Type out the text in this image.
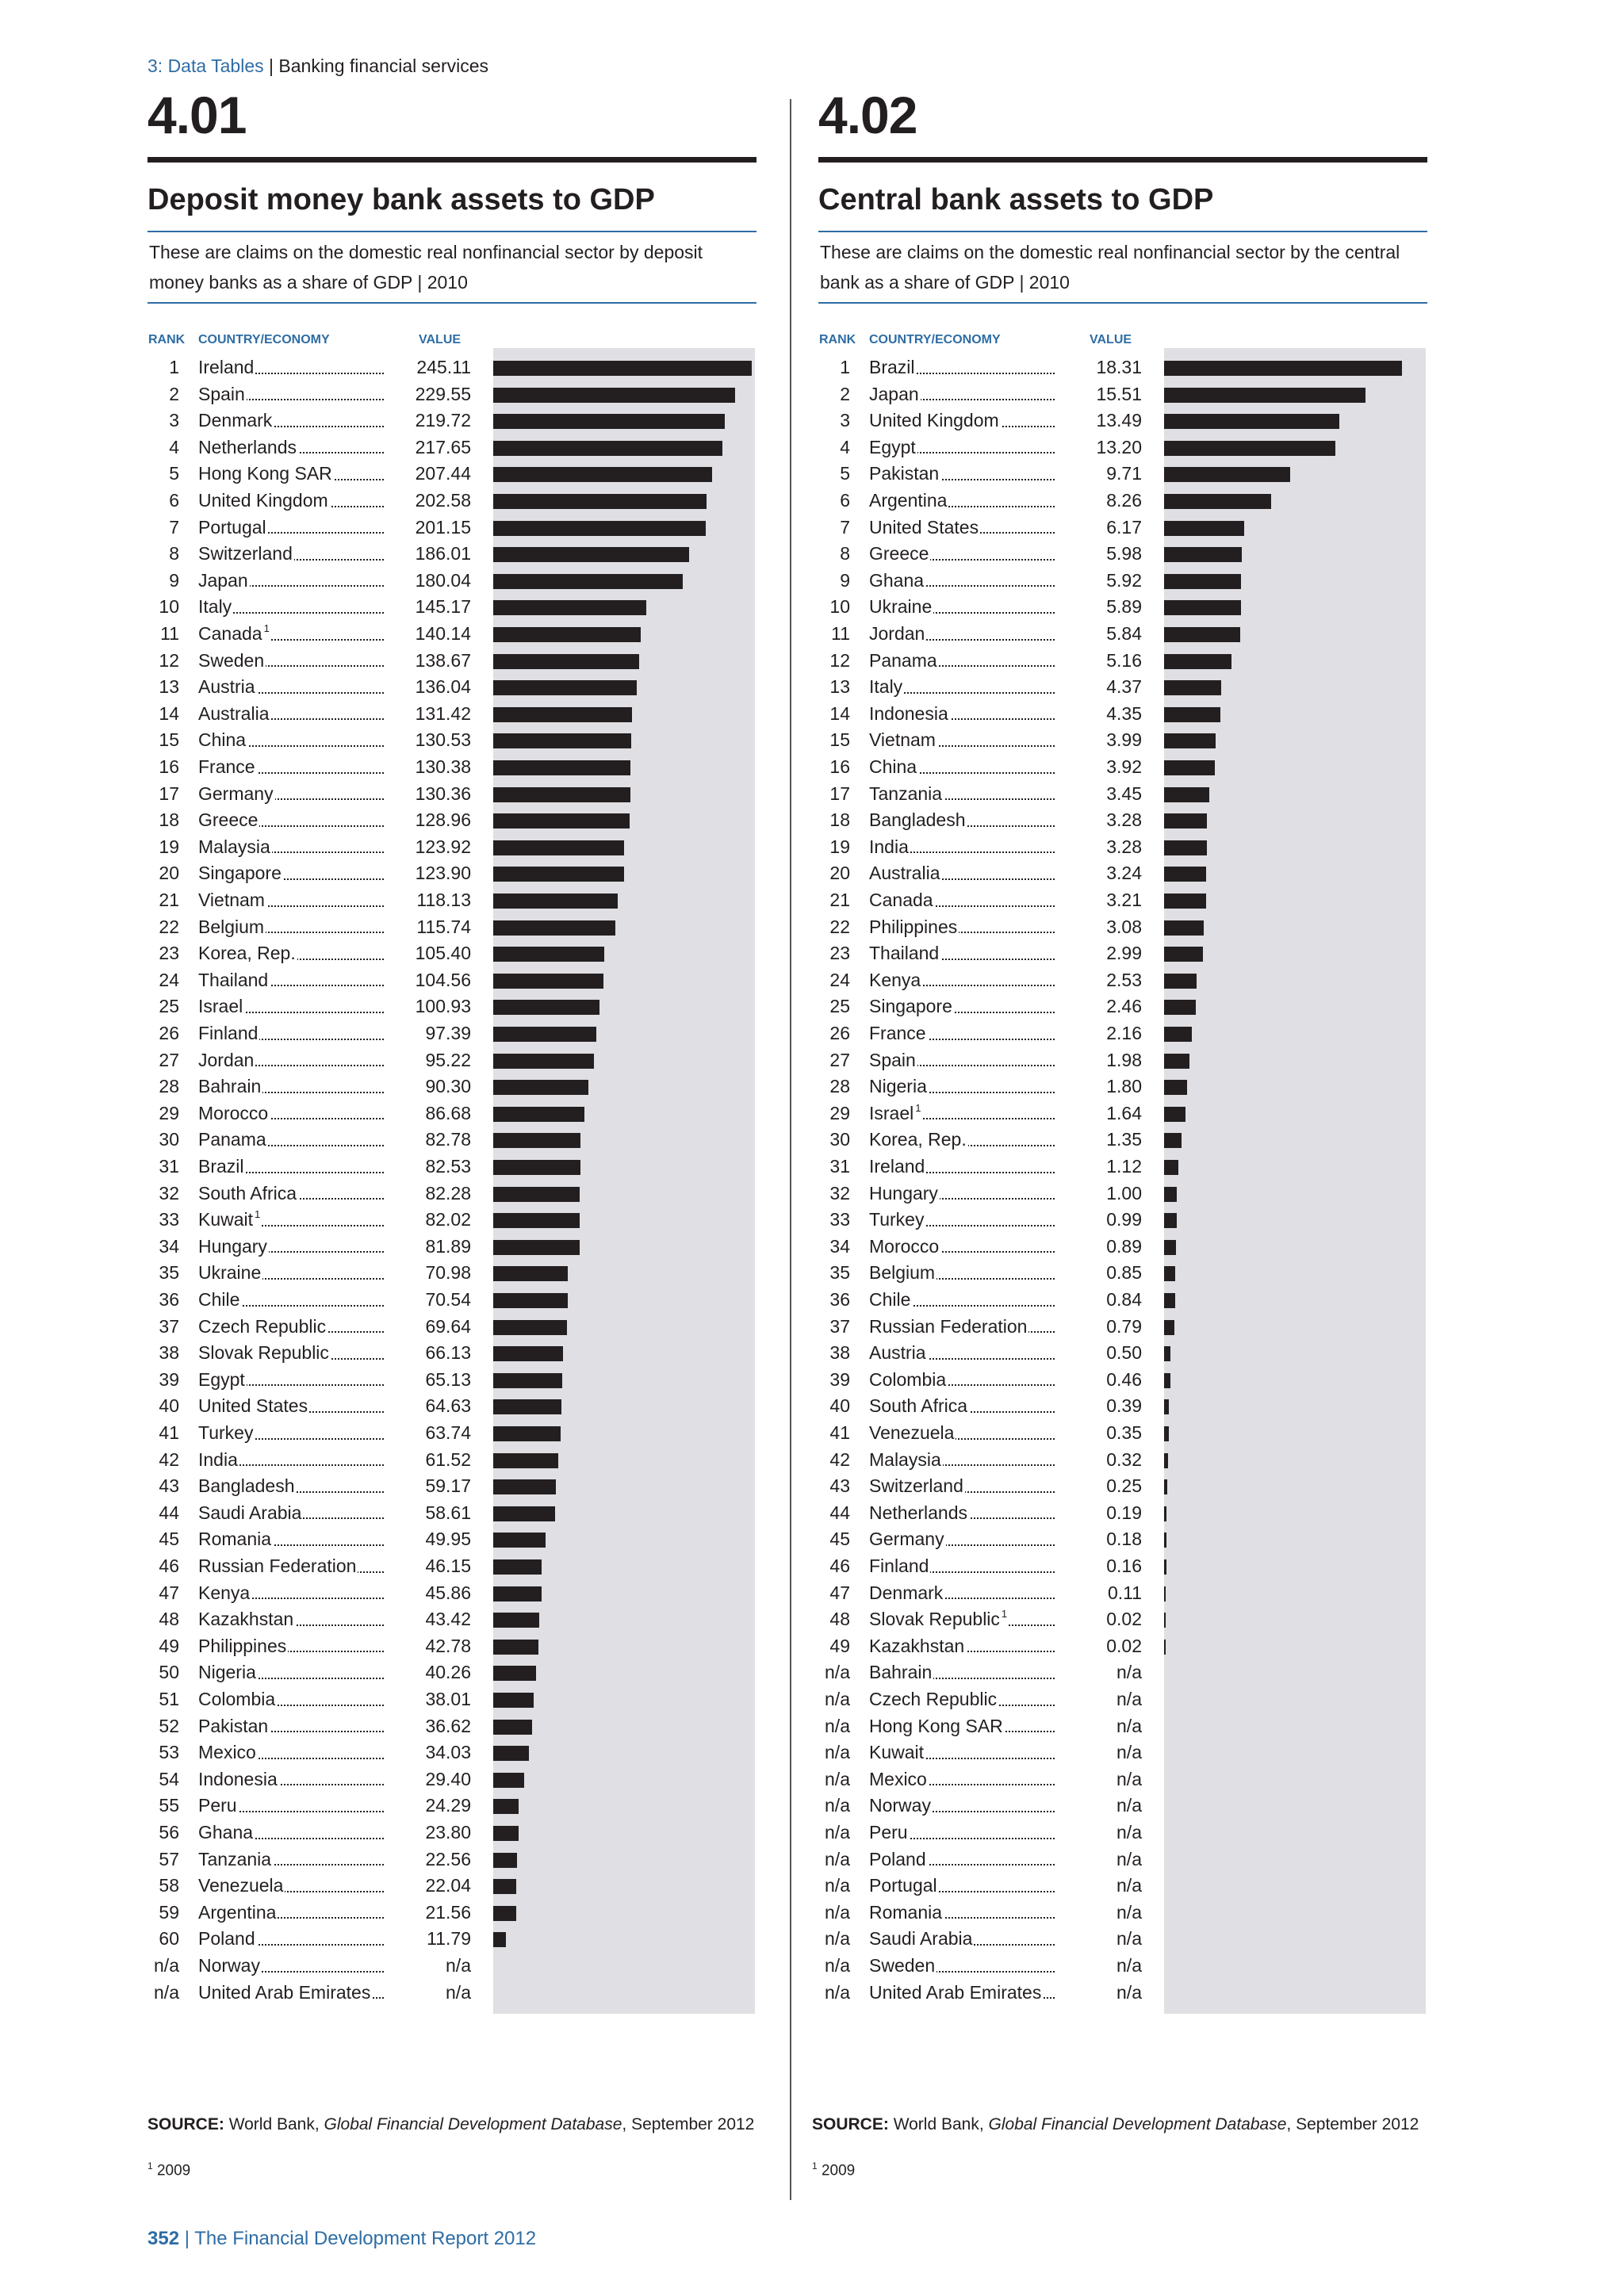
3: Data Tables | Banking financial services
4.01
Deposit money bank assets to GDP
These are claims on the domestic real nonfinancial sector by deposit
money banks as a share of GDP | 2010
RANK COUNTRY/ECONOMY	VALUE
1 Ireland	245.11
2 Spain	229.55
3 Denmark	219.72
4 Netherlands	217.65
5 Hong Kong SAR	207.44
6 United Kingdom	202.58
7 Portugal	201.15
8 Switzerland	186.01
9 Japan	180.04
10 Italy	145.17
11 Canada $^1$	140.14
12 Sweden	138.67
13 Austria	136.04
14 Australia	131.42
15 China	130.53
16 France	130.38
17 Germany	130.36
18 Greece	128.96
19 Malaysia	123.92
20 Singapore	123.90
21 Vietnam	118.13
22 Belgium	115.74
23 Korea, Rep.	105.40
24 Thailand	104.56
25 Israel	100.93
26 Finland	97.39
27 Jordan	95.22
28 Bahrain	90.30
29 Morocco	86.68
30 Panama	82.78
31 Brazil	82.53
32 South Africa	82.28
33 Kuwait $^1$	82.02
34 Hungary	81.89
35 Ukraine	70.98
36 Chile	70.54
37 Czech Republic	69.64
38 Slovak Republic	66.13
39 Egypt	65.13
40 United States	64.63
41 Turkey	63.74
42 India	61.52
43 Bangladesh	59.17
44 Saudi Arabia	58.61
45 Romania	49.95
46 Russian Federation	46.15
47 Kenya	45.86
48 Kazakhstan	43.42
49 Philippines	42.78
50 Nigeria	40.26
51 Colombia	38.01
52 Pakistan	36.62
53 Mexico	34.03
54 Indonesia	29.40
55 Peru	24.29
56 Ghana	23.80
57 Tanzania	22.56
58 Venezuela	22.04
59 Argentina	21.56
60 Poland	11.79
n/a Norway	n/a
n/a United Arab Emirates	n/a
SOURCE: World Bank, Global Financial Development Database, September 2012
$^1$ 2009
4.02
Central bank assets to GDP
These are claims on the domestic real nonfinancial sector by the central
bank as a share of GDP | 2010
RANK COUNTRY/ECONOMY	VALUE
1 Brazil	18.31
2 Japan	15.51
3 United Kingdom	13.49
4 Egypt	13.20
5 Pakistan	9.71
6 Argentina	8.26
7 United States	6.17
8 Greece	5.98
9 Ghana	5.92
10 Ukraine	5.89
11 Jordan	5.84
12 Panama	5.16
13 Italy	4.37
14 Indonesia	4.35
15 Vietnam	3.99
16 China	3.92
17 Tanzania	3.45
18 Bangladesh	3.28
19 India	3.28
20 Australia	3.24
21 Canada	3.21
22 Philippines	3.08
23 Thailand	2.99
24 Kenya	2.53
25 Singapore	2.46
26 France	2.16
27 Spain	1.98
28 Nigeria	1.80
29 Israel $^1$	1.64
30 Korea, Rep.	1.35
31 Ireland	1.12
32 Hungary	1.00
33 Turkey	0.99
34 Morocco	0.89
35 Belgium	0.85
36 Chile	0.84
37 Russian Federation	0.79
38 Austria	0.50
39 Colombia	0.46
40 South Africa	0.39
41 Venezuela	0.35
42 Malaysia	0.32
43 Switzerland	0.25
44 Netherlands	0.19
45 Germany	0.18
46 Finland	0.16
47 Denmark	0.11
48 Slovak Republic $^1$	0.02
49 Kazakhstan	0.02
n/a Bahrain	n/a
n/a Czech Republic	n/a
n/a Hong Kong SAR	n/a
n/a Kuwait	n/a
n/a Mexico	n/a
n/a Norway	n/a
n/a Peru	n/a
n/a Poland	n/a
n/a Portugal	n/a
n/a Romania	n/a
n/a Saudi Arabia	n/a
n/a Sweden	n/a
n/a United Arab Emirates	n/a
SOURCE: World Bank, Global Financial Development Database, September 2012
$^1$ 2009
352 | The Financial Development Report 2012
